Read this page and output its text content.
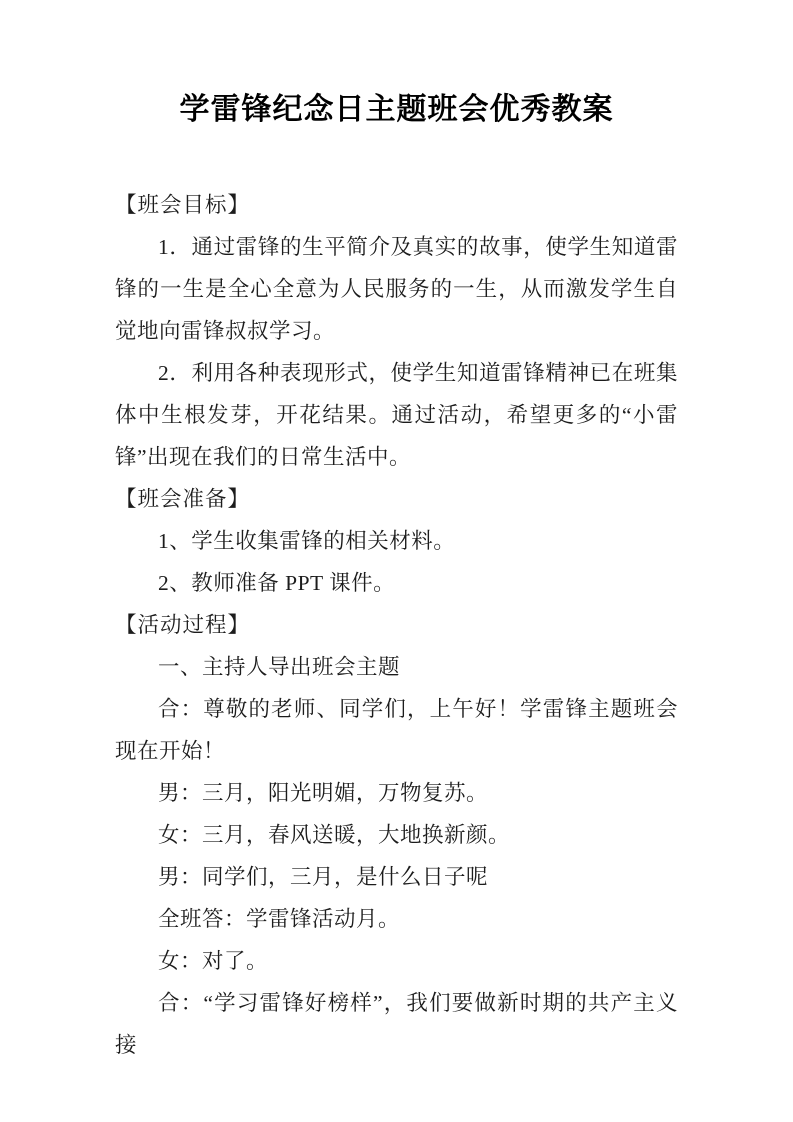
学雷锋纪念日主题班会优秀教案
【班会目标】

1．通过雷锋的生平简介及真实的故事，使学生知道雷锋的一生是全心全意为人民服务的一生，从而激发学生自觉地向雷锋叔叔学习。

2．利用各种表现形式，使学生知道雷锋精神已在班集体中生根发芽，开花结果。通过活动，希望更多的“小雷锋”出现在我们的日常生活中。

【班会准备】

1、学生收集雷锋的相关材料。

2、教师准备 PPT 课件。

【活动过程】

一、主持人导出班会主题

合：尊敬的老师、同学们，上午好！学雷锋主题班会现在开始！

男：三月，阳光明媚，万物复苏。

女：三月，春风送暖，大地换新颜。

男：同学们，三月，是什么日子呢

全班答：学雷锋活动月。

女：对了。

合：“学习雷锋好榜样”，我们要做新时期的共产主义接
